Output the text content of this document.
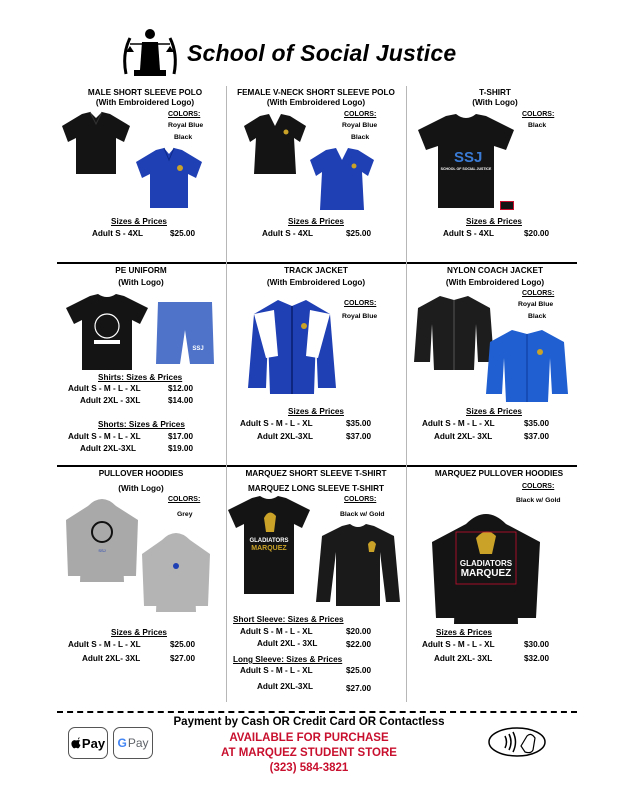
School of Social Justice
MALE SHORT SLEEVE POLO
(With Embroidered Logo)
COLORS:
Royal Blue
Black
Sizes & Prices
Adult S - 4XL	$25.00
FEMALE V-NECK SHORT SLEEVE POLO
(With Embroidered Logo)
COLORS:
Royal Blue
Black
Sizes & Prices
Adult S - 4XL	$25.00
T-SHIRT
(With Logo)
COLORS:
Black
SSJ
SCHOOL OF SOCIAL JUSTICE
Sizes & Prices
Adult S - 4XL	$20.00
PE UNIFORM
(With Logo)
SSJ
Shirts: Sizes & Prices
Adult S - M - L - XL	$12.00
Adult 2XL - 3XL	$14.00
Shorts: Sizes & Prices
Adult S - M - L - XL	$17.00
Adult 2XL-3XL	$19.00
TRACK JACKET
(With Embroidered Logo)
COLORS:
Royal Blue
Sizes & Prices
Adult S - M - L - XL	$35.00
Adult 2XL-3XL	$37.00
NYLON COACH JACKET
(With Embroidered Logo)
COLORS:
Royal Blue
Black
Sizes & Prices
Adult S - M - L - XL	$35.00
Adult 2XL- 3XL	$37.00
PULLOVER HOODIES
(With Logo)
COLORS:
Grey
SSJ
Sizes & Prices
Adult S - M - L - XL	$25.00
Adult 2XL- 3XL	$27.00
MARQUEZ SHORT SLEEVE T-SHIRT
MARQUEZ LONG SLEEVE T-SHIRT
COLORS:
Black w/ Gold
GLADIATORS
MARQUEZ
Short Sleeve: Sizes & Prices
Adult S - M - L - XL	$20.00
Adult 2XL - 3XL	$22.00
Long Sleeve: Sizes & Prices
Adult S - M - L - XL	$25.00
Adult 2XL-3XL	$27.00
MARQUEZ PULLOVER HOODIES
COLORS:
Black w/ Gold
GLADIATORS
MARQUEZ
Sizes & Prices
Adult S - M - L - XL	$30.00
Adult 2XL- 3XL	$32.00
Payment by Cash OR Credit Card OR Contactless
AVAILABLE FOR PURCHASE
AT MARQUEZ STUDENT STORE
(323) 584-3821
Pay G Pay
